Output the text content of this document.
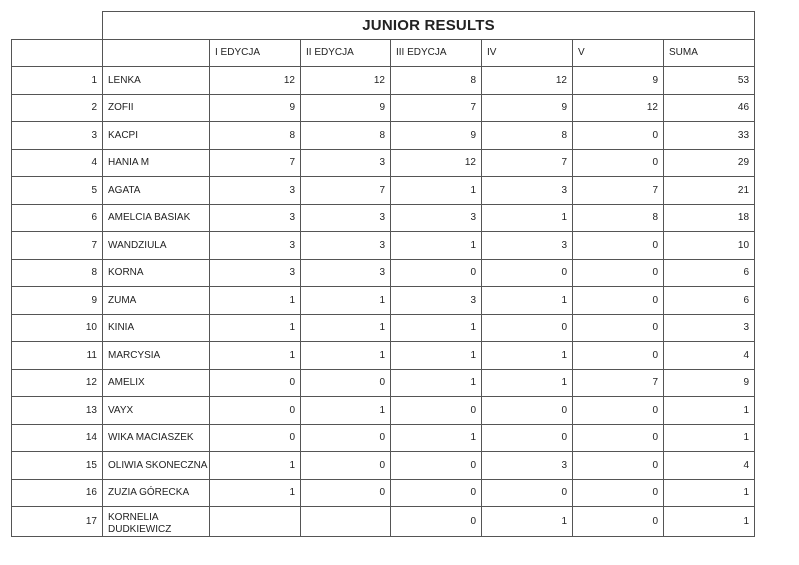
	JUNIOR RESULTS						
		I EDYCJA	II EDYCJA	III EDYCJA	IV	V	SUMA
1	LENKA	12	12	8	12	9	53
2	ZOFII	9	9	7	9	12	46
3	KACPI	8	8	9	8	0	33
4	HANIA M	7	3	12	7	0	29
5	AGATA	3	7	1	3	7	21
6	AMELCIA BASIAK	3	3	3	1	8	18
7	WANDZIULA	3	3	1	3	0	10
8	KORNA	3	3	0	0	0	6
9	ZUMA	1	1	3	1	0	6
10	KINIA	1	1	1	0	0	3
11	MARCYSIA	1	1	1	1	0	4
12	AMELIX	0	0	1	1	7	9
13	VAYX	0	1	0	0	0	1
14	WIKA MACIASZEK	0	0	1	0	0	1
15	OLIWIA SKONECZNA	1	0	0	3	0	4
16	ZUZIA GÓRECKA	1	0	0	0	0	1
17	KORNELIA DUDKIEWICZ			0	1	0	1
